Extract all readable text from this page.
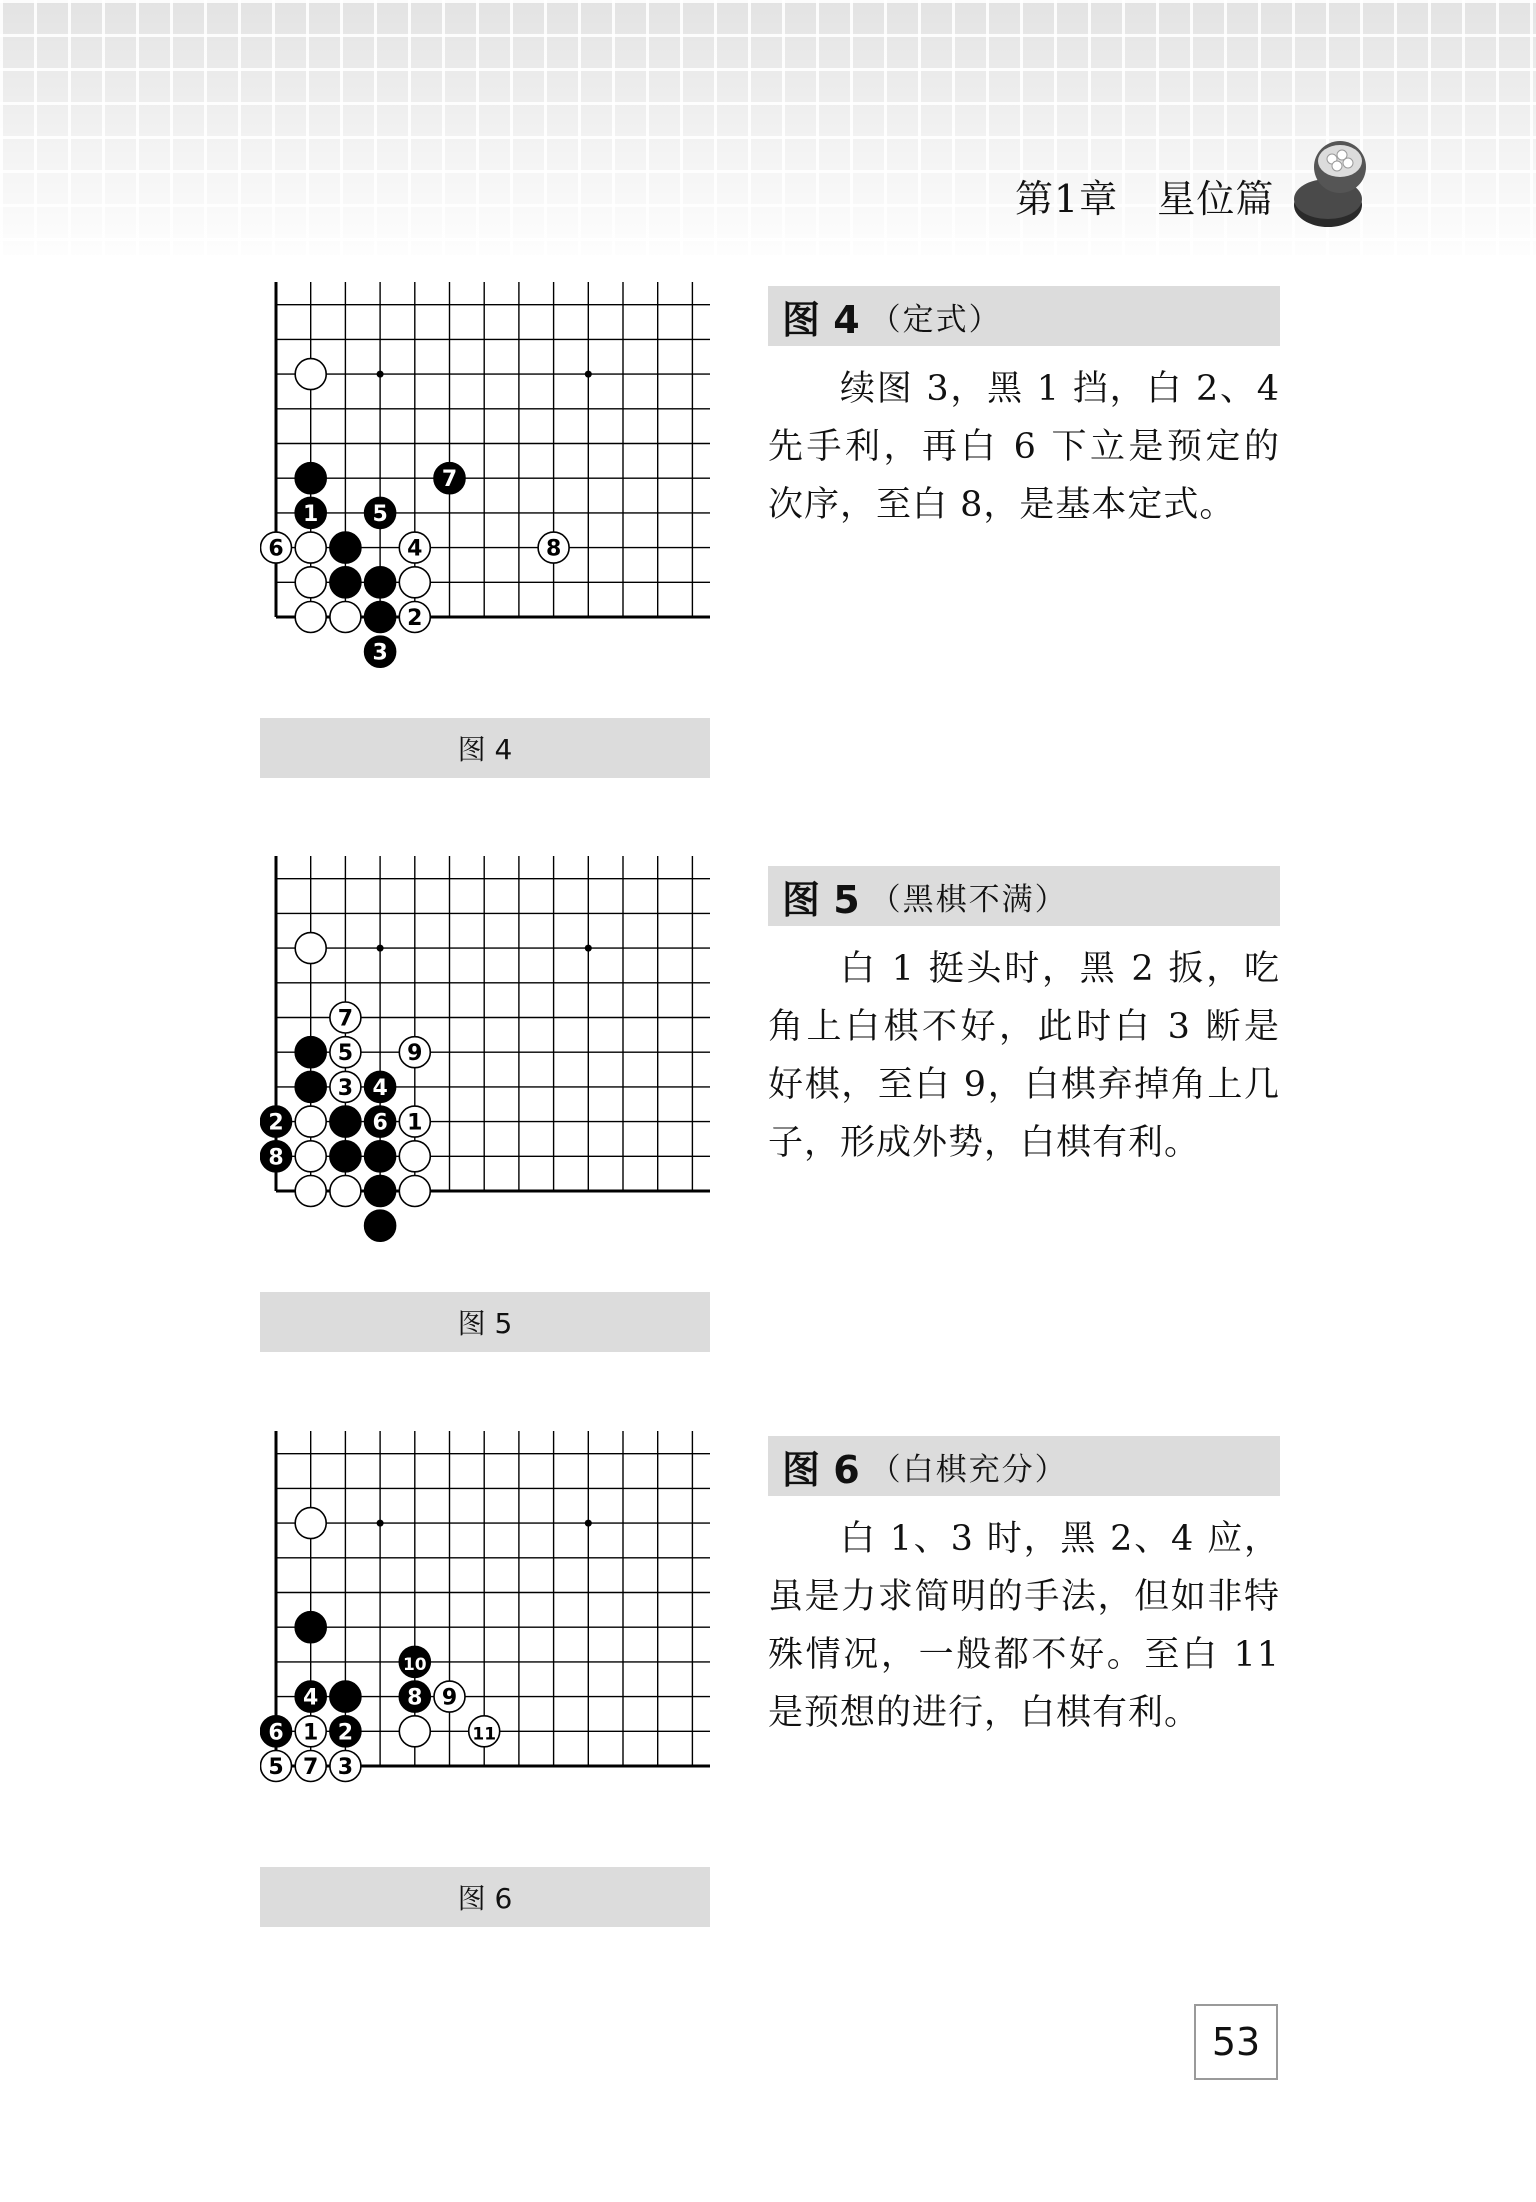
第1章   星位篇
1 5
7
6	4	8
2
3
图 4
图 4 （定式）
续图 3，黑 1 挡，白 2、4 先手利，再白 6 下立是预定的次序，至白 8，是基本定式。
7
5 9
3 4
2	6 1
8
图 5
图 5 （黑棋不满）
白 1 挺头时，黑 2 扳，吃角上白棋不好，此时白 3 断是好棋，至白 9，白棋弃掉角上几子，形成外势，白棋有利。
10
4	8 9
6 1 2	11
5 7 3
图 6
图 6 （白棋充分）
白 1、3 时，黑 2、4 应，虽是力求简明的手法，但如非特殊情况，一般都不好。至白 11 是预想的进行，白棋有利。
53
